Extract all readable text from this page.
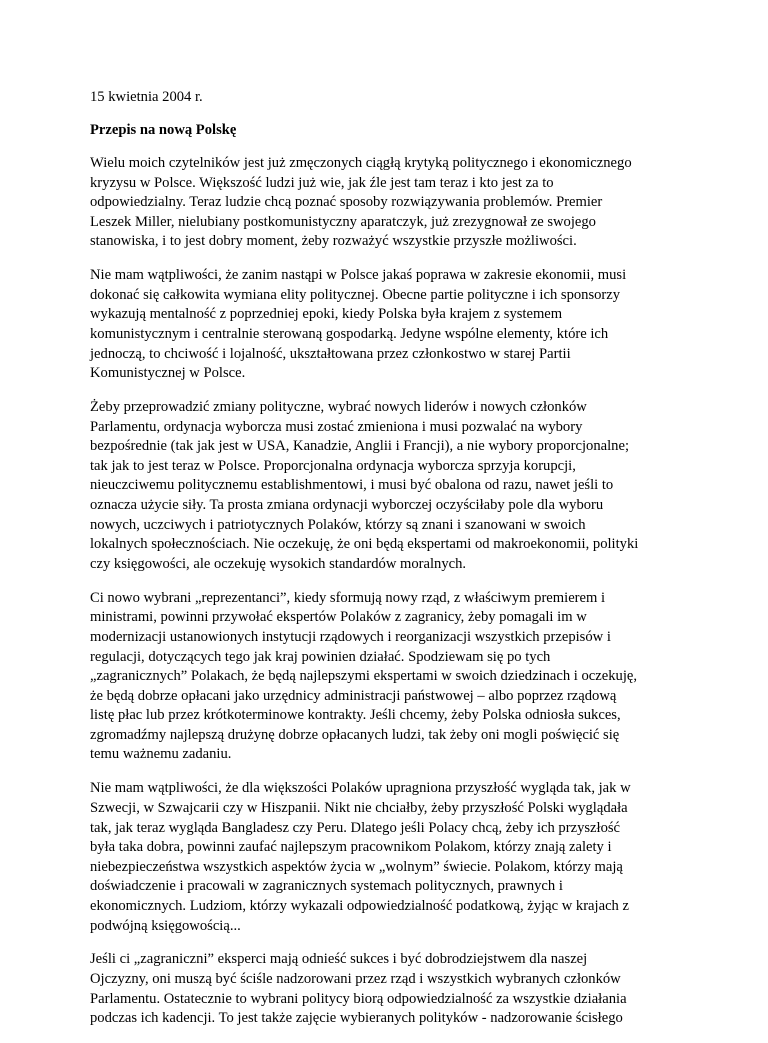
15 kwietnia 2004 r.
Przepis na nową Polskę
Wielu moich czytelników jest już zmęczonych ciągłą krytyką politycznego i ekonomicznego
kryzysu w Polsce. Większość ludzi już wie, jak źle jest tam teraz i kto jest za to
odpowiedzialny. Teraz ludzie chcą poznać sposoby rozwiązywania problemów. Premier
Leszek Miller, nielubiany postkomunistyczny aparatczyk, już zrezygnował ze swojego
stanowiska, i to jest dobry moment, żeby rozważyć wszystkie przyszłe możliwości.
Nie mam wątpliwości, że zanim nastąpi w Polsce jakaś poprawa w zakresie ekonomii, musi
dokonać się całkowita wymiana elity politycznej. Obecne partie polityczne i ich sponsorzy
wykazują mentalność z poprzedniej epoki, kiedy Polska była krajem z systemem
komunistycznym i centralnie sterowaną gospodarką. Jedyne wspólne elementy, które ich
jednoczą, to chciwość i lojalność, ukształtowana przez członkostwo w starej Partii
Komunistycznej w Polsce.
Żeby przeprowadzić zmiany polityczne, wybrać nowych liderów i nowych członków
Parlamentu, ordynacja wyborcza musi zostać zmieniona i musi pozwalać na wybory
bezpośrednie (tak jak jest w USA, Kanadzie, Anglii i Francji), a nie wybory proporcjonalne;
tak jak to jest teraz w Polsce. Proporcjonalna ordynacja wyborcza sprzyja korupcji,
nieuczciwemu politycznemu establishmentowi, i musi być obalona od razu, nawet jeśli to
oznacza użycie siły. Ta prosta zmiana ordynacji wyborczej oczyściłaby pole dla wyboru
nowych, uczciwych i patriotycznych Polaków, którzy są znani i szanowani w swoich
lokalnych społecznościach. Nie oczekuję, że oni będą ekspertami od makroekonomii, polityki
czy księgowości, ale oczekuję wysokich standardów moralnych.
Ci nowo wybrani „reprezentanci”, kiedy sformują nowy rząd, z właściwym premierem i
ministrami, powinni przywołać ekspertów Polaków z zagranicy, żeby pomagali im w
modernizacji ustanowionych instytucji rządowych i reorganizacji wszystkich przepisów i
regulacji, dotyczących tego jak kraj powinien działać. Spodziewam się po tych
„zagranicznych” Polakach, że będą najlepszymi ekspertami w swoich dziedzinach i oczekuję,
że będą dobrze opłacani jako urzędnicy administracji państwowej – albo poprzez rządową
listę płac lub przez krótkoterminowe kontrakty. Jeśli chcemy, żeby Polska odniosła sukces,
zgromadźmy najlepszą drużynę dobrze opłacanych ludzi, tak żeby oni mogli poświęcić się
temu ważnemu zadaniu.
Nie mam wątpliwości, że dla większości Polaków upragniona przyszłość wygląda tak, jak w
Szwecji, w Szwajcarii czy w Hiszpanii. Nikt nie chciałby, żeby przyszłość Polski wyglądała
tak, jak teraz wygląda Bangladesz czy Peru. Dlatego jeśli Polacy chcą, żeby ich przyszłość
była taka dobra, powinni zaufać najlepszym pracownikom Polakom, którzy znają zalety i
niebezpieczeństwa wszystkich aspektów życia w „wolnym” świecie. Polakom, którzy mają
doświadczenie i pracowali w zagranicznych systemach politycznych, prawnych i
ekonomicznych. Ludziom, którzy wykazali odpowiedzialność podatkową, żyjąc w krajach z
podwójną księgowością...
Jeśli ci „zagraniczni” eksperci mają odnieść sukces i być dobrodziejstwem dla naszej
Ojczyzny, oni muszą być ściśle nadzorowani przez rząd i wszystkich wybranych członków
Parlamentu. Ostatecznie to wybrani politycy biorą odpowiedzialność za wszystkie działania
podczas ich kadencji. To jest także zajęcie wybieranych polityków - nadzorowanie ścisłego
